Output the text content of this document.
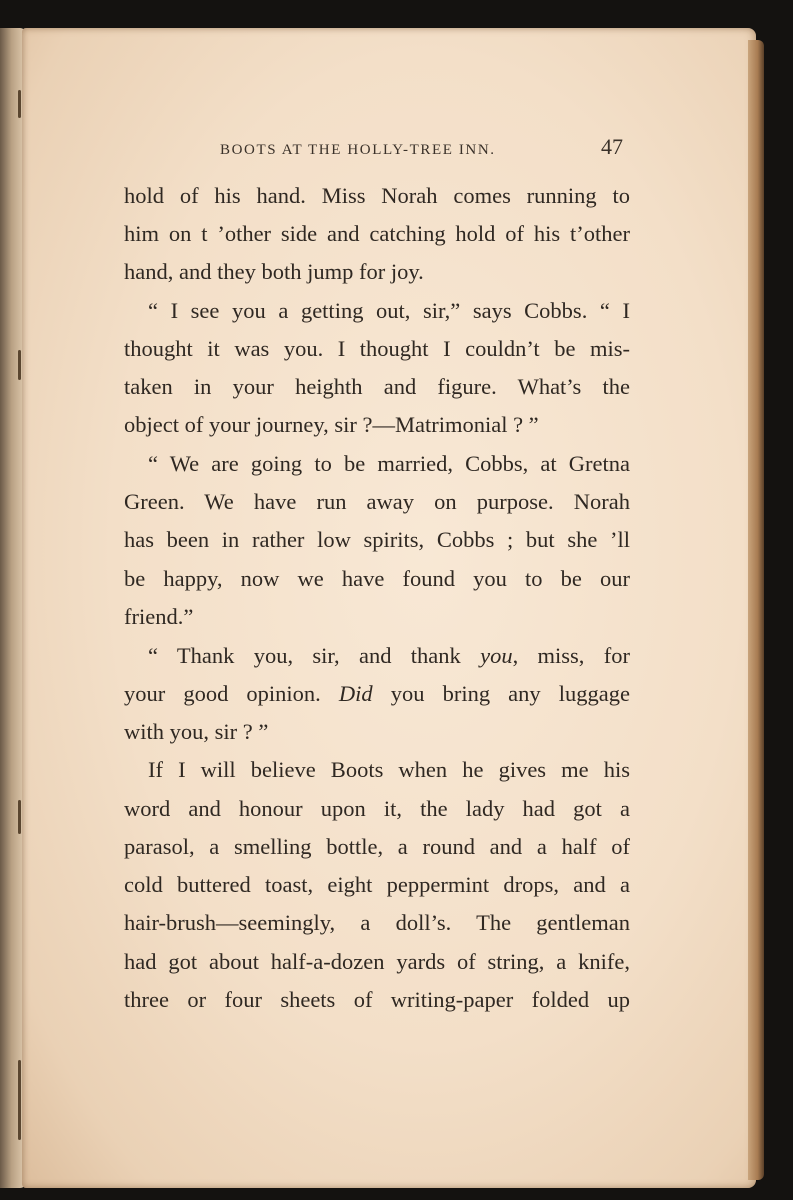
BOOTS AT THE HOLLY-TREE INN.	47
hold of his hand. Miss Norah comes running to
him on t ’other side and catching hold of his t’other
hand, and they both jump for joy.
“ I see you a getting out, sir,” says Cobbs. “ I
thought it was you. I thought I couldn’t be mis-
taken in your heighth and figure. What’s the
object of your journey, sir ?—Matrimonial ? ”
“ We are going to be married, Cobbs, at Gretna
Green. We have run away on purpose. Norah
has been in rather low spirits, Cobbs ; but she ’ll
be happy, now we have found you to be our
friend.”
“ Thank you, sir, and thank you, miss, for
your good opinion. Did you bring any luggage
with you, sir ? ”
If I will believe Boots when he gives me his
word and honour upon it, the lady had got a
parasol, a smelling bottle, a round and a half of
cold buttered toast, eight peppermint drops, and a
hair-brush—seemingly, a doll’s. The gentleman
had got about half-a-dozen yards of string, a knife,
three or four sheets of writing-paper folded up
